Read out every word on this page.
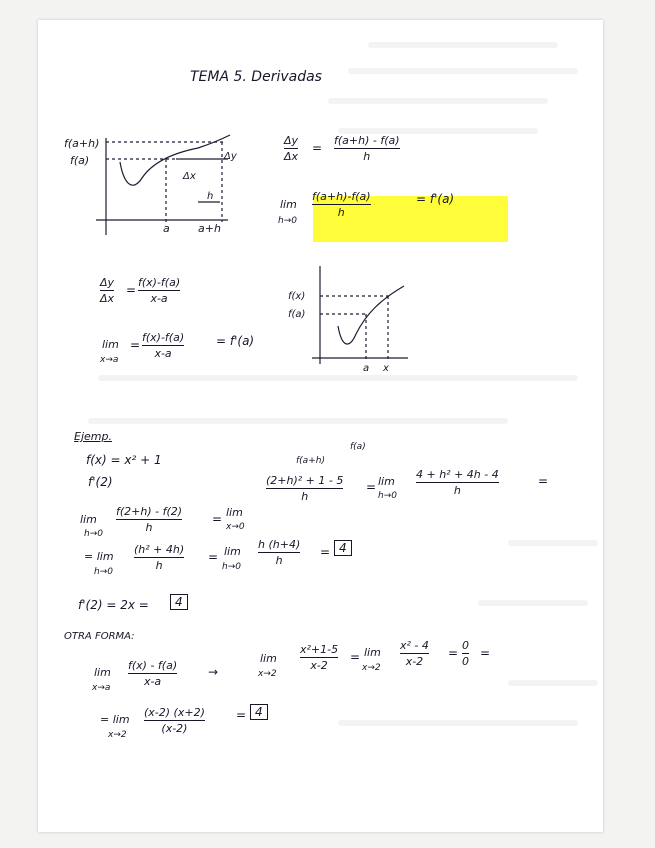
TEMA 5. Derivadas
f(a+h)
f(a)	Δy
Δx
h
a	a+h
Δy
Δx
=
f(a+h) - f(a)
h
lim
h→0
f(a+h)-f(a)
h
= f'(a)
Δy
Δx
=
f(x)-f(a)
x-a
lim
x→a
=
f(x)-f(a)
x-a
= f'(a)
f(x)
f(a)
a x
Ejemp.
f(x) = x² + 1
f'(2)
f(a+h)
f(a)
lim
h→0
f(2+h) - f(2)
h
= lim
x→0
(2+h)² + 1 - 5
h
= lim
h→0
4 + h² + 4h - 4
h
=
= lim
h→0
(h² + 4h)
h
= lim
h→0
h (h+4)
h
= 4
f'(2) = 2x =	4
OTRA FORMA:
lim
x→a
f(x) - f(a)
x-a
→
lim
x→2
x²+1-5
x-2
= lim
x→2
x² - 4
x-2
=
0
0
=
= lim
x→2
(x-2) (x+2)
(x-2)
= 4
